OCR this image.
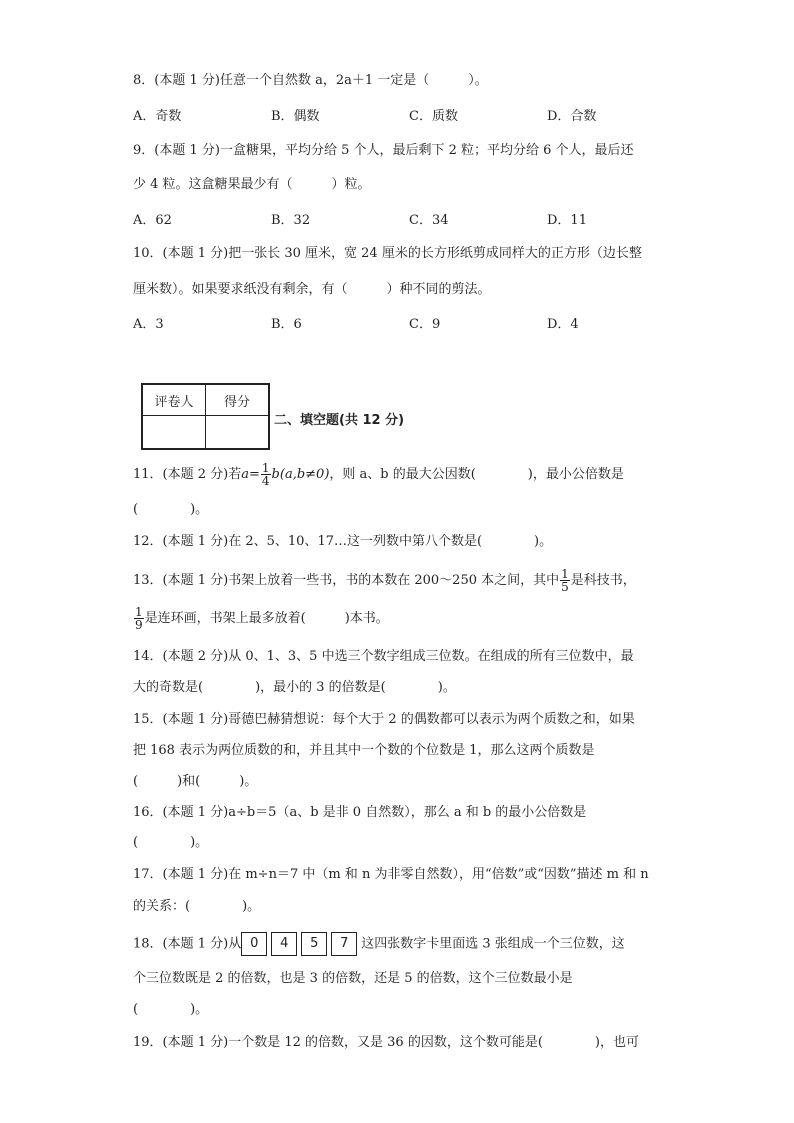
8．(本题 1 分)任意一个自然数 a，2a＋1 一定是（　　　）。
A．奇数	B．偶数	C．质数	D．合数
9．(本题 1 分)一盒糖果，平均分给 5 个人，最后剩下 2 粒；平均分给 6 个人，最后还
少 4 粒。这盒糖果最少有（　　　）粒。
A．62	B．32	C．34	D．11
10．(本题 1 分)把一张长 30 厘米，宽 24 厘米的长方形纸剪成同样大的正方形（边长整
厘米数）。如果要求纸没有剩余，有（　　　）种不同的剪法。
A．3	B．6	C．9	D．4
评卷人	得分

二、填空题(共 12 分)
11．(本题 2 分)若$a= \frac{1}{4} b(a,b\ne 0)$，则 a、b 的最大公因数(　　　　)，最小公倍数是
(　　　　)。
12．(本题 1 分)在 2、5、10、17…这一列数中第八个数是(　　　　)。
13．(本题 1 分)书架上放着一些书，书的本数在 200～250 本之间，其中 $\frac{1}{5}$ 是科技书，
$\frac{1}{9}$ 是连环画，书架上最多放着(　　　)本书。
14．(本题 2 分)从 0、1、3、5 中选三个数字组成三位数。在组成的所有三位数中，最
大的奇数是(　　　　)，最小的 3 的倍数是(　　　　)。
15．(本题 1 分)哥德巴赫猜想说：每个大于 2 的偶数都可以表示为两个质数之和，如果
把 168 表示为两位质数的和，并且其中一个数的个位数是 1，那么这两个质数是
(　　　)和(　　　)。
16．(本题 1 分)a÷b＝5（a、b 是非 0 自然数），那么 a 和 b 的最小公倍数是
(　　　　)。
17．(本题 1 分)在 m÷n＝7 中（m 和 n 为非零自然数），用“倍数”或“因数”描述 m 和 n
的关系：(　　　　)。
18．(本题 1 分)从 0 4 5 7 这四张数字卡里面选 3 张组成一个三位数，这
个三位数既是 2 的倍数，也是 3 的倍数，还是 5 的倍数，这个三位数最小是
(　　　　)。
19．(本题 1 分)一个数是 12 的倍数，又是 36 的因数，这个数可能是(　　　　)，也可
